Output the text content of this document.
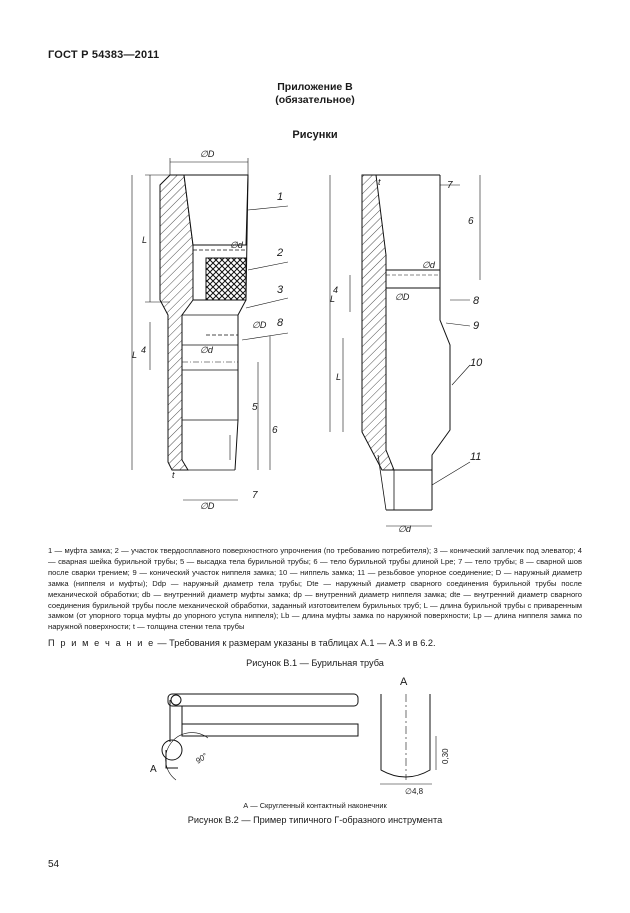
ГОСТ Р 54383—2011
Приложение В
(обязательное)
Рисунки
∅D
L
L 4
∅d
∅D
∅d
5
6
7
t
∅D
1
2
3
8
t	7
6
∅d
∅D	8
9
10
11
L
4
L
∅d
1 — муфта замка; 2 — участок твердосплавного поверхностного упрочнения (по требованию потребителя); 3 — конический заплечик под элеватор; 4 — сварная шейка бурильной трубы; 5 — высадка тела бурильной трубы; 6 — тело бурильной трубы длиной Lpe; 7 — тело трубы; 8 — сварной шов после сварки трением; 9 — конический участок ниппеля замка; 10 — ниппель замка; 11 — резьбовое упорное соединение; D — наружный диаметр замка (ниппеля и муфты); Ddp — наружный диаметр тела трубы; Dte — наружный диаметр сварного соединения бурильной трубы после механической обработки; db — внутренний диаметр муфты замка; dp — внутренний диаметр ниппеля замка; dte — внутренний диаметр сварного соединения бурильной трубы после механической обработки, заданный изготовителем бурильных труб; L — длина бурильной трубы с приваренным замком (от упорного торца муфты до упорного уступа ниппеля); Lb — длина муфты замка по наружной поверхности; Lp — длина ниппеля замка по наружной поверхности; t — толщина стенки тела трубы
П р и м е ч а н и е — Требования к размерам указаны в таблицах А.1 — А.3 и в 6.2.
Рисунок В.1 — Бурильная труба
A
90°
A
0,30
∅4,8
А — Скругленный контактный наконечник
Рисунок В.2 — Пример типичного Г-образного инструмента
54
